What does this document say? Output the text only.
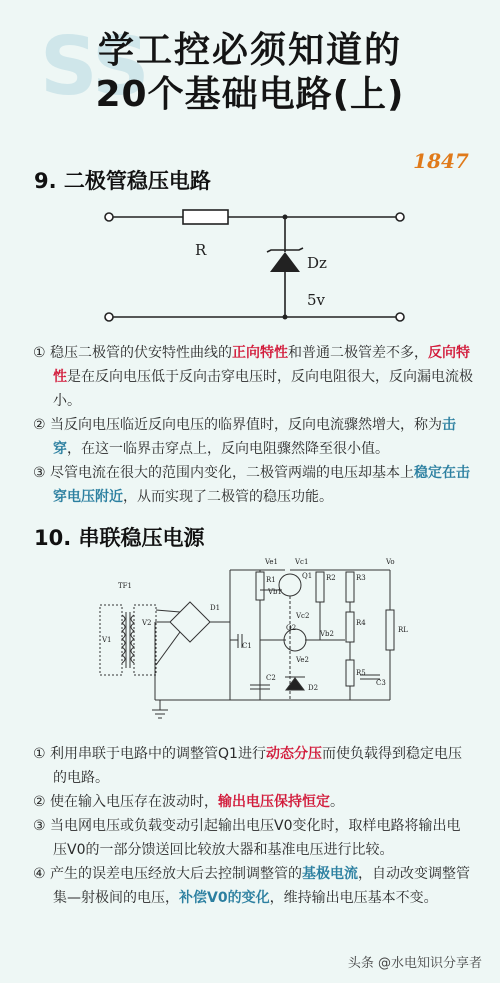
SS
学工控必须知道的
20个基础电路(上)
1847
9. 二极管稳压电路
R
Dz
5v

① 稳压二极管的伏安特性曲线的正向特性和普通二极管差不多，反向特性是在反向电压低于反向击穿电压时，反向电阻很大，反向漏电流极小。

② 当反向电压临近反向电压的临界值时，反向电流骤然增大，称为击穿，在这一临界击穿点上，反向电阻骤然降至很小值。

③ 尽管电流在很大的范围内变化，二极管两端的电压却基本上稳定在击穿电压附近，从而实现了二极管的稳压功能。

10. 串联稳压电源
TF1
V1
V2
D1
C1
C2
C3
R1	R2	R3
R4
R5
RL
Q1
Q2
D2
Vb1
Vc1
Ve1
Vb2
Vc2
Ve2
Vo

① 利用串联于电路中的调整管Q1进行动态分压而使负载得到稳定电压的电路。

② 使在输入电压存在波动时，输出电压保持恒定。

③ 当电网电压或负载变动引起输出电压V0变化时，取样电路将输出电压V0的一部分馈送回比较放大器和基准电压进行比较。

④ 产生的误差电压经放大后去控制调整管的基极电流，自动改变调整管集—射极间的电压，补偿V0的变化，维持输出电压基本不变。

头条 @水电知识分享者
